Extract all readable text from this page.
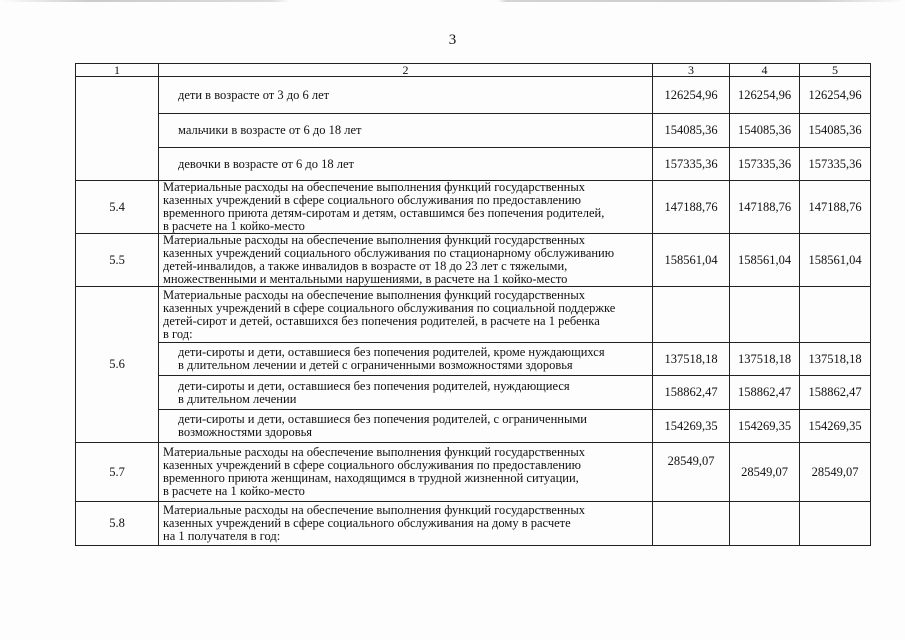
3
1	2	3	4	5
	дети в возрасте от 3 до 6 лет	126254,96	126254,96	126254,96
	мальчики в возрасте от 6 до 18 лет	154085,36	154085,36	154085,36
	девочки в возрасте от 6 до 18 лет	157335,36	157335,36	157335,36
5.4	Материальные расходы на обеспечение выполнения функций государственных
казенных учреждений в сфере социального обслуживания по предоставлению
временного приюта детям-сиротам и детям, оставшимся без попечения родителей,
в расчете на 1 койко-место	147188,76	147188,76	147188,76
5.5	Материальные расходы на обеспечение выполнения функций государственных
казенных учреждений социального обслуживания по стационарному обслуживанию
детей-инвалидов, а также инвалидов в возрасте от 18 до 23 лет с тяжелыми,
множественными и ментальными нарушениями, в расчете на 1 койко-место	158561,04	158561,04	158561,04
5.6	Материальные расходы на обеспечение выполнения функций государственных
казенных учреждений в сфере социального обслуживания по социальной поддержке
детей-сирот и детей, оставшихся без попечения родителей, в расчете на 1 ребенка
в год:			

	дети-сироты и дети, оставшиеся без попечения родителей, кроме нуждающихся
в длительном лечении и детей с ограниченными возможностями здоровья	137518,18	137518,18	137518,18

	дети-сироты и дети, оставшиеся без попечения родителей, нуждающиеся
в длительном лечении	158862,47	158862,47	158862,47

	дети-сироты и дети, оставшиеся без попечения родителей, с ограниченными
возможностями здоровья	154269,35	154269,35	154269,35
5.7	Материальные расходы на обеспечение выполнения функций государственных
казенных учреждений в сфере социального обслуживания по предоставлению
временного приюта женщинам, находящимся в трудной жизненной ситуации,
в расчете на 1 койко-место	28549,07	28549,07	28549,07
5.8	Материальные расходы на обеспечение выполнения функций государственных
казенных учреждений в сфере социального обслуживания на дому в расчете
на 1 получателя в год:			
